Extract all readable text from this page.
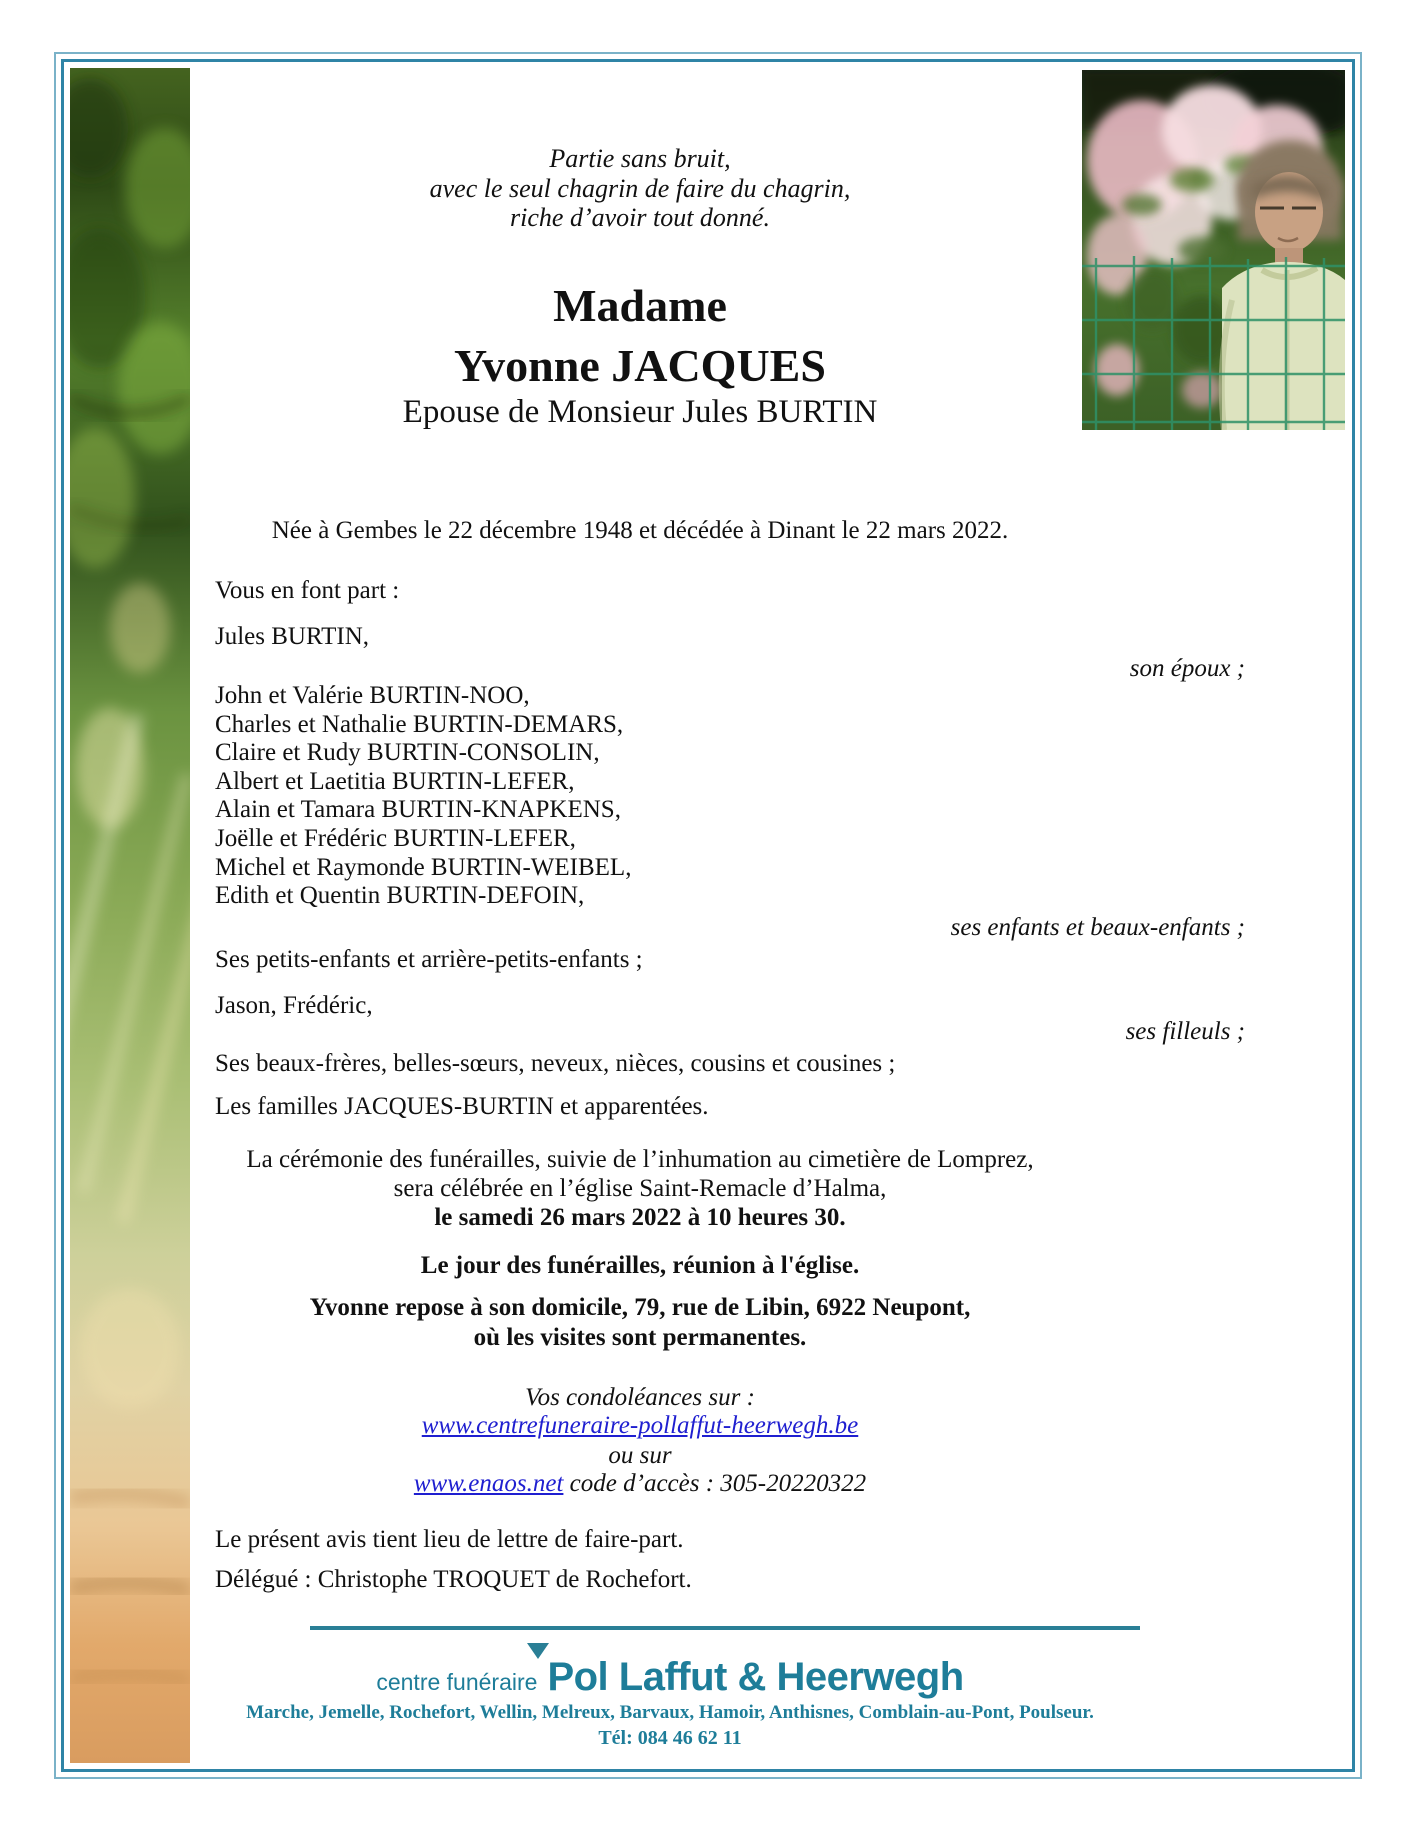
Partie sans bruit,
avec le seul chagrin de faire du chagrin,
riche d’avoir tout donné.
Madame
Yvonne JACQUES
Epouse de Monsieur Jules BURTIN
Née à Gembes le 22 décembre 1948 et décédée à Dinant le 22 mars 2022.
Vous en font part :
Jules BURTIN,
son époux ;
John et Valérie BURTIN-NOO,
Charles et Nathalie BURTIN-DEMARS,
Claire et Rudy BURTIN-CONSOLIN,
Albert et Laetitia BURTIN-LEFER,
Alain et Tamara BURTIN-KNAPKENS,
Joëlle et Frédéric BURTIN-LEFER,
Michel et Raymonde BURTIN-WEIBEL,
Edith et Quentin BURTIN-DEFOIN,
ses enfants et beaux-enfants ;
Ses petits-enfants et arrière-petits-enfants ;
Jason, Frédéric,
ses filleuls ;
Ses beaux-frères, belles-sœurs, neveux, nièces, cousins et cousines ;
Les familles JACQUES-BURTIN et apparentées.
La cérémonie des funérailles, suivie de l’inhumation au cimetière de Lomprez,
sera célébrée en l’église Saint-Remacle d’Halma,
le samedi 26 mars 2022 à 10 heures 30.
Le jour des funérailles, réunion à l'église.
Yvonne repose à son domicile, 79, rue de Libin, 6922 Neupont,
où les visites sont permanentes.
Vos condoléances sur :
www.centrefuneraire-pollaffut-heerwegh.be
ou sur
www.enaos.net code d’accès : 305-20220322
Le présent avis tient lieu de lettre de faire-part.
Délégué : Christophe TROQUET de Rochefort.
centre funéraire Pol Laffut & Heerwegh
Marche, Jemelle, Rochefort, Wellin, Melreux, Barvaux, Hamoir, Anthisnes, Comblain-au-Pont, Poulseur.
Tél: 084 46 62 11
